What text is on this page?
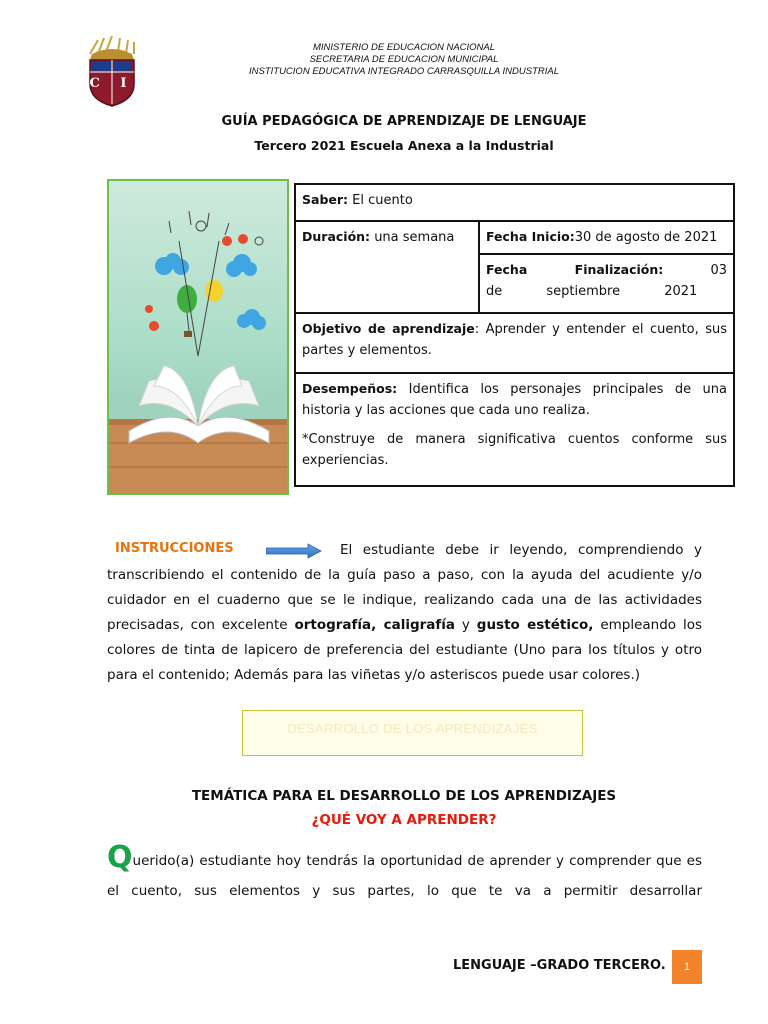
C I
MINISTERIO DE EDUCACION NACIONAL
SECRETARIA DE EDUCACION MUNICIPAL
INSTITUCION EDUCATIVA INTEGRADO CARRASQUILLA INDUSTRIAL
GUÍA PEDAGÓGICA DE APRENDIZAJE DE LENGUAJE
Tercero 2021 Escuela Anexa a la Industrial
Saber: El cuento
Duración: una semana	Fecha Inicio:30 de agosto de 2021
Fecha Finalización: 03 de septiembre 2021
Objetivo de aprendizaje: Aprender y entender el cuento, sus partes y elementos.

Desempeños: Identifica los personajes principales de una historia y las acciones que cada uno realiza.
*Construye de manera significativa cuentos conforme sus experiencias.
El estudiante debe ir leyendo, comprendiendo y transcribiendo el contenido de la guía paso a paso, con la ayuda del acudiente y/o cuidador en el cuaderno que se le indique, realizando cada una de las actividades precisadas, con excelente ortografía, caligrafía y gusto estético, empleando los colores de tinta de lapicero de preferencia del estudiante (Uno para los títulos y otro para el contenido; Además para las viñetas y/o asteriscos puede usar colores.)
INSTRUCCIONES
DESARROLLO DE LOS APRENDIZAJES
TEMÁTICA PARA EL DESARROLLO DE LOS APRENDIZAJES
¿QUÉ VOY A APRENDER?
Querido(a) estudiante hoy tendrás la oportunidad de aprender y comprender que es el cuento, sus elementos y sus partes, lo que te va a permitir desarrollar
LENGUAJE –GRADO TERCERO.	1
